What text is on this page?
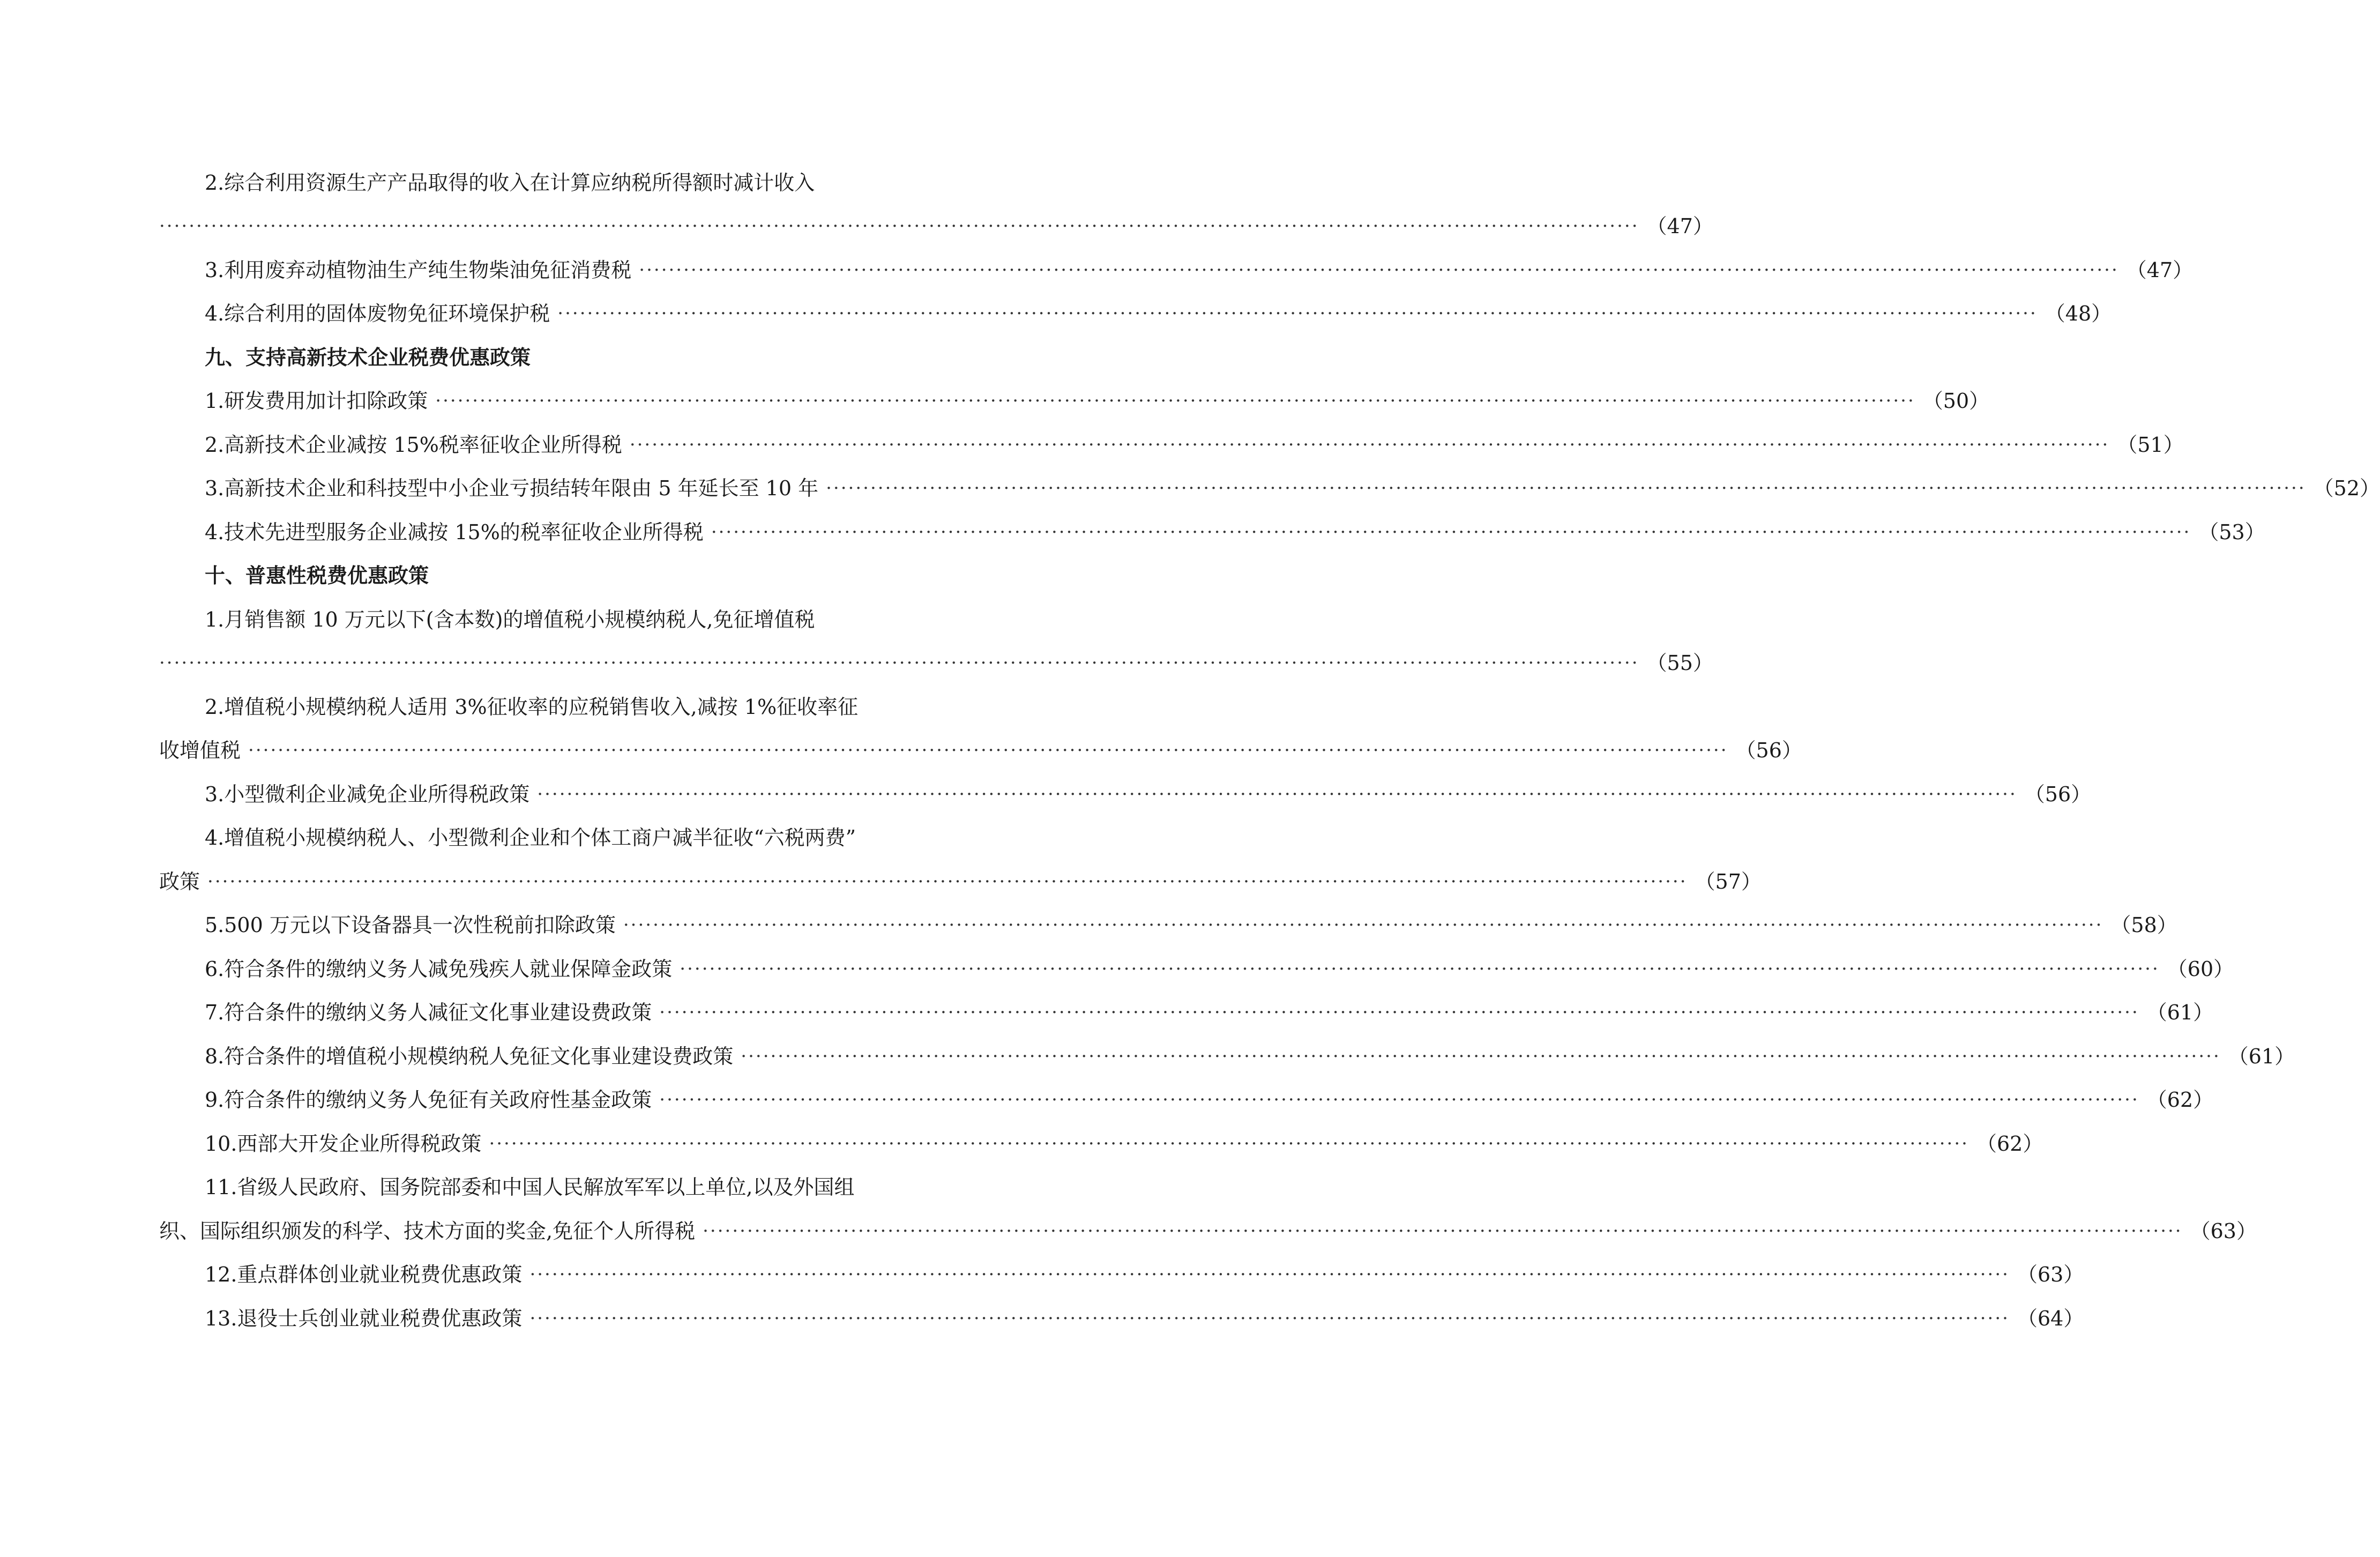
2.综合利用资源生产产品取得的收入在计算应纳税所得额时减计收入
········································································································································································································ （47）
3.利用废弃动植物油生产纯生物柴油免征消费税 ········································································································································································································ （47）
4.综合利用的固体废物免征环境保护税 ········································································································································································································ （48）
九、支持高新技术企业税费优惠政策
1.研发费用加计扣除政策 ········································································································································································································ （50）
2.高新技术企业减按 15%税率征收企业所得税 ········································································································································································································ （51）
3.高新技术企业和科技型中小企业亏损结转年限由 5 年延长至 10 年 ········································································································································································································ （52）
4.技术先进型服务企业减按 15%的税率征收企业所得税 ········································································································································································································ （53）
十、普惠性税费优惠政策
1.月销售额 10 万元以下(含本数)的增值税小规模纳税人,免征增值税
········································································································································································································ （55）
2.增值税小规模纳税人适用 3%征收率的应税销售收入,减按 1%征收率征
收增值税 ········································································································································································································ （56）
3.小型微利企业减免企业所得税政策 ········································································································································································································ （56）
4.增值税小规模纳税人、小型微利企业和个体工商户减半征收“六税两费”
政策 ········································································································································································································ （57）
5.500 万元以下设备器具一次性税前扣除政策 ········································································································································································································ （58）
6.符合条件的缴纳义务人减免残疾人就业保障金政策 ········································································································································································································ （60）
7.符合条件的缴纳义务人减征文化事业建设费政策 ········································································································································································································ （61）
8.符合条件的增值税小规模纳税人免征文化事业建设费政策 ········································································································································································································ （61）
9.符合条件的缴纳义务人免征有关政府性基金政策 ········································································································································································································ （62）
10.西部大开发企业所得税政策 ········································································································································································································ （62）
11.省级人民政府、国务院部委和中国人民解放军军以上单位,以及外国组
织、国际组织颁发的科学、技术方面的奖金,免征个人所得税 ········································································································································································································ （63）
12.重点群体创业就业税费优惠政策 ········································································································································································································ （63）
13.退役士兵创业就业税费优惠政策 ········································································································································································································ （64）
